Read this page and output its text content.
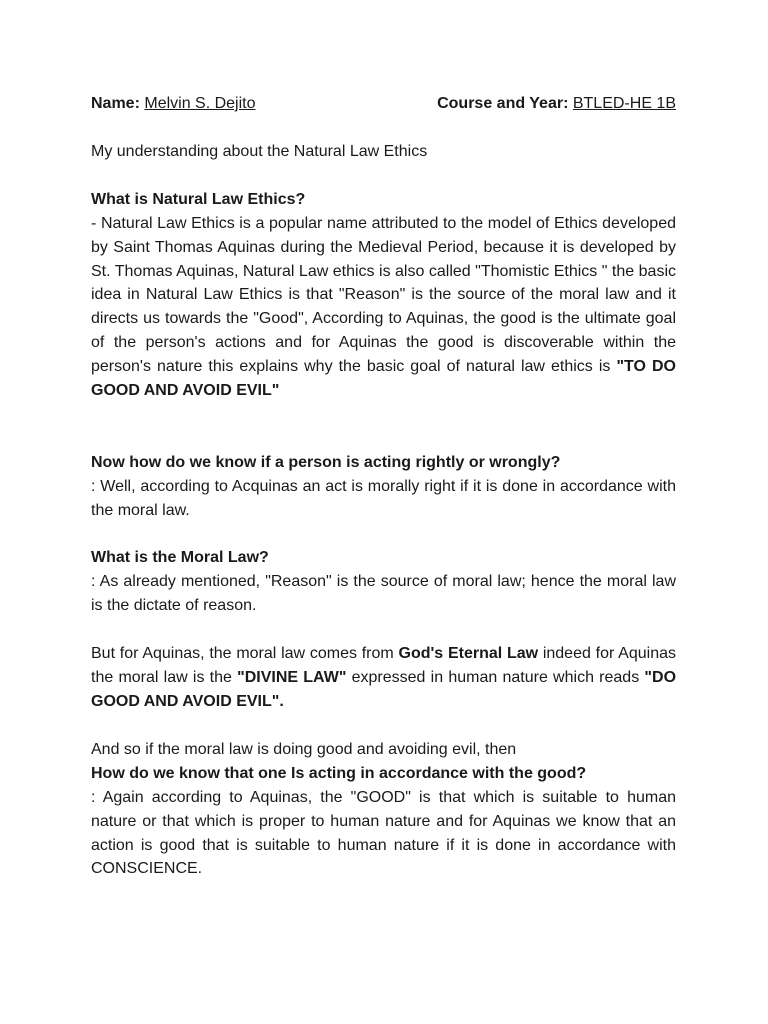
Name: Melvin S. Dejito	Course and Year: BTLED-HE 1B

My understanding about the Natural Law Ethics

What is Natural Law Ethics?

- Natural Law Ethics is a popular name attributed to the model of Ethics developed by Saint Thomas Aquinas during the Medieval Period, because it is developed by St. Thomas Aquinas, Natural Law ethics is also called "Thomistic Ethics " the basic idea in Natural Law Ethics is that "Reason" is the source of the moral law and it directs us towards the "Good", According to Aquinas, the good is the ultimate goal of the person's actions and for Aquinas the good is discoverable within the person's nature this explains why the basic goal of natural law ethics is "TO DO GOOD AND AVOID EVIL"

Now how do we know if a person is acting rightly or wrongly?

: Well, according to Acquinas an act is morally right if it is done in accordance with the moral law.

What is the Moral Law?

: As already mentioned, "Reason" is the source of moral law; hence the moral law is the dictate of reason.

But for Aquinas, the moral law comes from God's Eternal Law indeed for Aquinas the moral law is the "DIVINE LAW" expressed in human nature which reads "DO GOOD AND AVOID EVIL".

And so if the moral law is doing good and avoiding evil, then

How do we know that one Is acting in accordance with the good?

: Again according to Aquinas, the "GOOD" is that which is suitable to human nature or that which is proper to human nature and for Aquinas we know that an action is good that is suitable to human nature if it is done in accordance with CONSCIENCE.
